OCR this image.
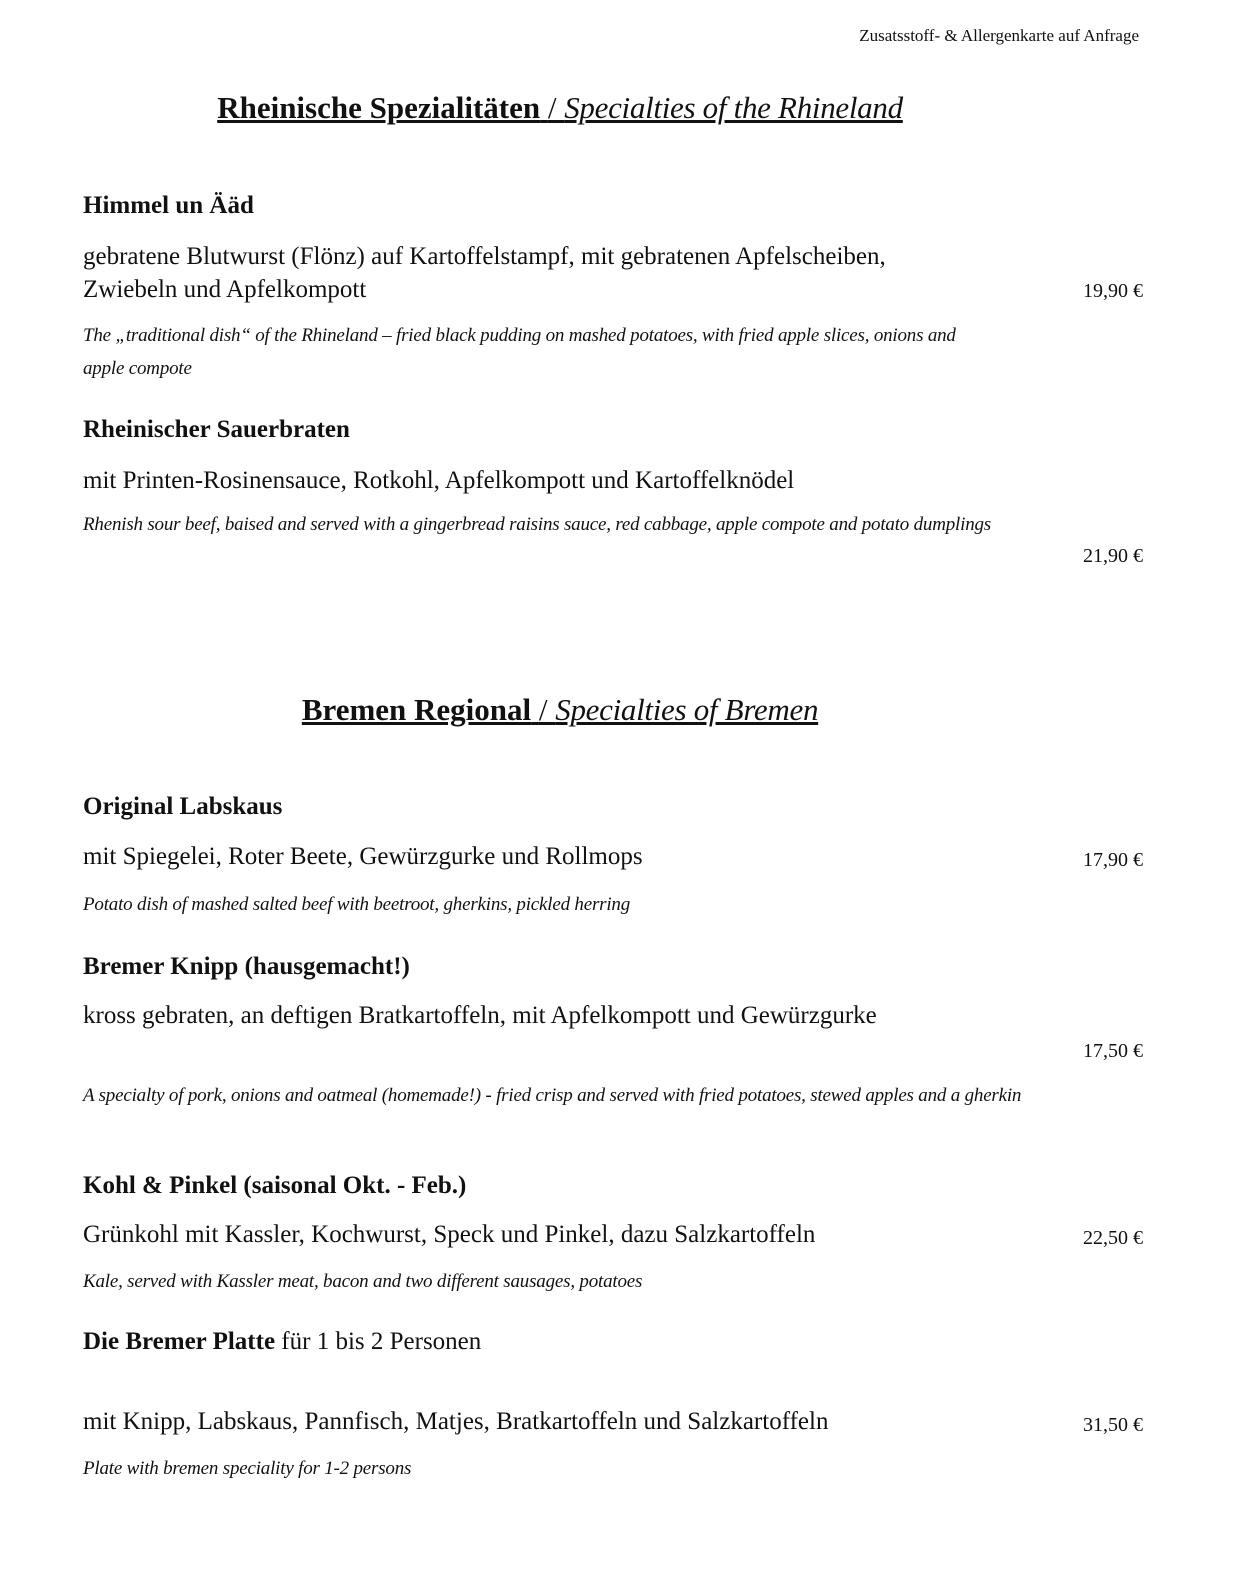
Zusatsstoff- & Allergenkarte auf Anfrage
Rheinische Spezialitäten / Specialties of the Rhineland
Himmel un Ääd
gebratene Blutwurst (Flönz) auf Kartoffelstampf, mit gebratenen Apfelscheiben, Zwiebeln und Apfelkompott
The „traditional dish“ of the Rhineland – fried black pudding on mashed potatoes, with fried apple slices, onions and apple compote
19,90 €
Rheinischer Sauerbraten
mit Printen-Rosinensauce, Rotkohl, Apfelkompott und Kartoffelknödel
Rhenish sour beef, baised and served with a gingerbread raisins sauce, red cabbage, apple compote and potato dumplings
21,90 €
Bremen Regional / Specialties of Bremen
Original Labskaus
mit Spiegelei, Roter Beete, Gewürzgurke und Rollmops
Potato dish of mashed salted beef with beetroot, gherkins, pickled herring
17,90 €
Bremer Knipp (hausgemacht!)
kross gebraten, an deftigen Bratkartoffeln, mit Apfelkompott und Gewürzgurke
A specialty of pork, onions and oatmeal (homemade!) - fried crisp and served with fried potatoes, stewed apples and a gherkin
17,50 €
Kohl & Pinkel (saisonal Okt. - Feb.)
Grünkohl mit Kassler, Kochwurst, Speck und Pinkel, dazu Salzkartoffeln
Kale, served with Kassler meat, bacon and two different sausages, potatoes
22,50 €
Die Bremer Platte für 1 bis 2 Personen
mit Knipp, Labskaus, Pannfisch, Matjes, Bratkartoffeln und Salzkartoffeln
Plate with bremen speciality for 1-2 persons
31,50 €
